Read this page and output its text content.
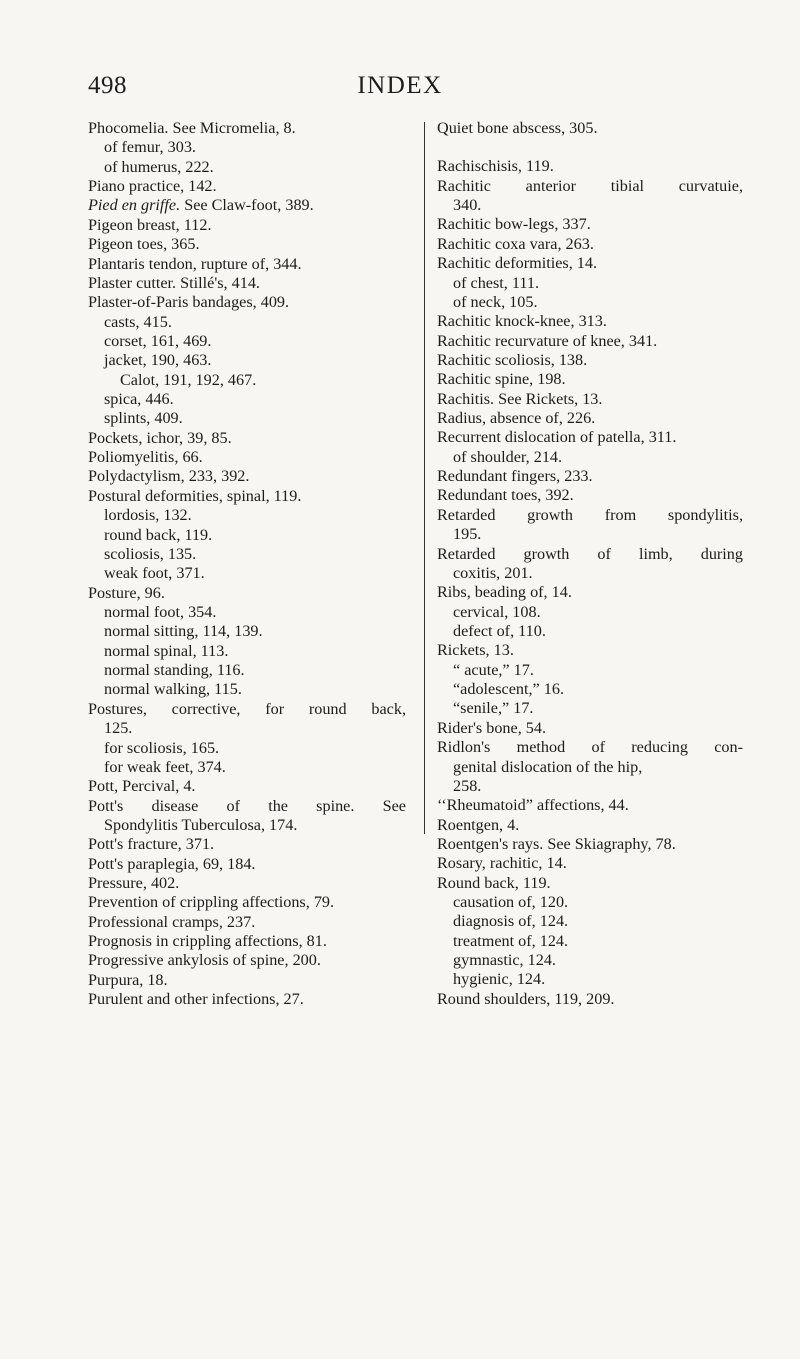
498	INDEX
Phocomelia. See Micromelia, 8.
of femur, 303.
of humerus, 222.
Piano practice, 142.
Pied en griffe. See Claw-foot, 389.
Pigeon breast, 112.
Pigeon toes, 365.
Plantaris tendon, rupture of, 344.
Plaster cutter. Stillé's, 414.
Plaster-of-Paris bandages, 409.
casts, 415.
corset, 161, 469.
jacket, 190, 463.
Calot, 191, 192, 467.
spica, 446.
splints, 409.
Pockets, ichor, 39, 85.
Poliomyelitis, 66.
Polydactylism, 233, 392.
Postural deformities, spinal, 119.
lordosis, 132.
round back, 119.
scoliosis, 135.
weak foot, 371.
Posture, 96.
normal foot, 354.
normal sitting, 114, 139.
normal spinal, 113.
normal standing, 116.
normal walking, 115.
Postures, corrective, for round back,
125.
for scoliosis, 165.
for weak feet, 374.
Pott, Percival, 4.
Pott's disease of the spine. See
Spondylitis Tuberculosa, 174.
Pott's fracture, 371.
Pott's paraplegia, 69, 184.
Pressure, 402.
Prevention of crippling affections, 79.
Professional cramps, 237.
Prognosis in crippling affections, 81.
Progressive ankylosis of spine, 200.
Purpura, 18.
Purulent and other infections, 27.
Quiet bone abscess, 305.
Rachischisis, 119.
Rachitic anterior tibial curvatuie,
340.
Rachitic bow-legs, 337.
Rachitic coxa vara, 263.
Rachitic deformities, 14.
of chest, 111.
of neck, 105.
Rachitic knock-knee, 313.
Rachitic recurvature of knee, 341.
Rachitic scoliosis, 138.
Rachitic spine, 198.
Rachitis. See Rickets, 13.
Radius, absence of, 226.
Recurrent dislocation of patella, 311.
of shoulder, 214.
Redundant fingers, 233.
Redundant toes, 392.
Retarded growth from spondylitis,
195.
Retarded growth of limb, during
coxitis, 201.
Ribs, beading of, 14.
cervical, 108.
defect of, 110.
Rickets, 13.
“ acute,” 17.
“adolescent,” 16.
“senile,” 17.
Rider's bone, 54.
Ridlon's method of reducing con-
genital dislocation of the hip,
258.
‘‘Rheumatoid” affections, 44.
Roentgen, 4.
Roentgen's rays. See Skiagraphy, 78.
Rosary, rachitic, 14.
Round back, 119.
causation of, 120.
diagnosis of, 124.
treatment of, 124.
gymnastic, 124.
hygienic, 124.
Round shoulders, 119, 209.
